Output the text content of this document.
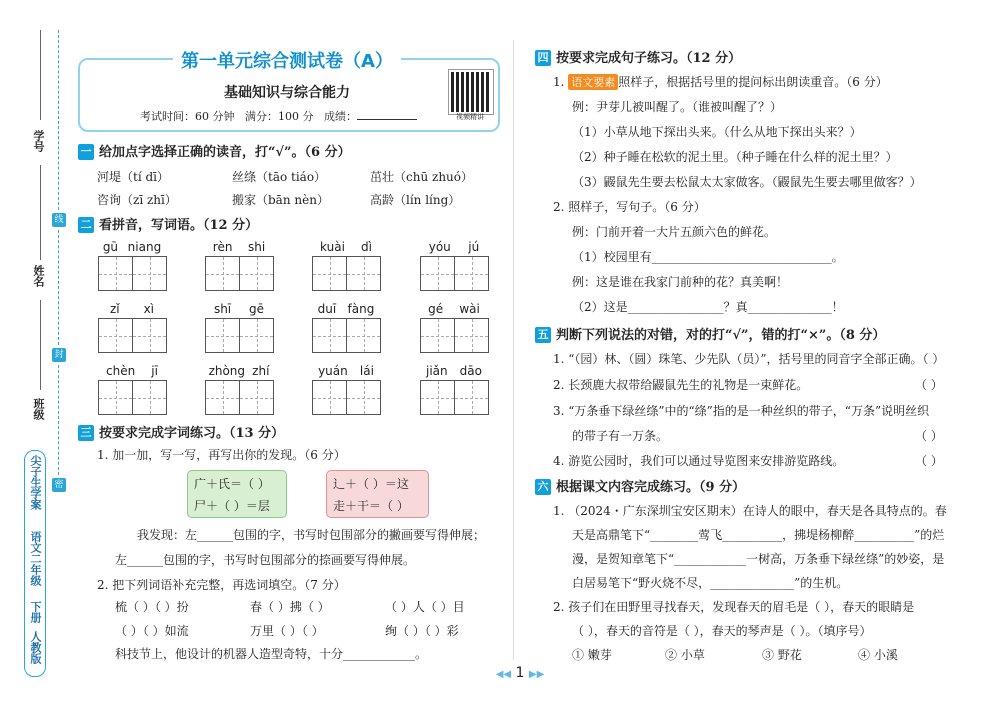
学号
姓名
班级
线
封
密
尖子生学案
语文二年级
下册
人教版
第一单元综合测试卷（A）
基础知识与综合能力
考试时间：60 分钟 满分：100 分 成绩：	视频精讲
一 给加点字选择正确的读音，打“√”。（6 分）
河堤（tí dī）	丝绦（tāo tiáo）	茁壮（chū zhuó）
咨询（zī zhī）	搬家（bān nèn）	高龄（lín líng）
二 看拼音，写词语。（12 分）
gū niang	rèn shi	kuài dì	yóu jú
zǐ xì	shī gē	duī fàng	gé wài
chèn jī	zhòng zhí	yuán lái	jiǎn dāo
三 按要求完成字词练习。（13 分）
1. 加一加，写一写，再写出你的发现。（6 分）
广＋氏＝（ ）
尸＋（ ）＝层
辶＋（ ）＝这
走＋干＝（ ）
我发现：左______包围的字，书写时包围部分的撇画要写得伸展；
左______包围的字，书写时包围部分的捺画要写得伸展。
2. 把下列词语补充完整，再选词填空。（7 分）
梳（ ）（ ）扮	春（ ）拂（ ）	（ ）人（ ）目
（ ）（ ）如流	万里（ ）（ ）	绚（ ）（ ）彩
科技节上，他设计的机器人造型奇特，十分____________。
四 按要求完成句子练习。（12 分）
1. 语文要素 照样子，根据括号里的提问标出朗读重音。（6 分）
例：尹芽儿被叫醒了。（谁被叫醒了？）
（1）小草从地下探出头来。（什么从地下探出头来？）
（2）种子睡在松软的泥土里。（种子睡在什么样的泥土里？）
（3）鼹鼠先生要去松鼠太太家做客。（鼹鼠先生要去哪里做客？）
2. 照样子，写句子。（6 分）
例：门前开着一大片五颜六色的鲜花。
（1）校园里有______________________________。
例：这是谁在我家门前种的花？真美啊！
（2）这是________________？真______________！
五 判断下列说法的对错，对的打“√”，错的打“×”。（8 分）
1. “（园）林、（圆）珠笔、少先队（员）”，括号里的同音字全部正确。（ ）
2. 长颈鹿大叔带给鼹鼠先生的礼物是一束鲜花。	（ ）
3. “万条垂下绿丝绦”中的“绦”指的是一种丝织的带子，“万条”说明丝织
的带子有一万条。	（ ）
4. 游览公园时，我们可以通过导览图来安排游览路线。	（ ）
六 根据课文内容完成练习。（9 分）
1. （2024・广东深圳宝安区期末）在诗人的眼中，春天是各具特点的。春
天是高鼎笔下“________莺飞__________，拂堤杨柳醉__________”的烂
漫，是贺知章笔下“____________一树高，万条垂下绿丝绦”的妙姿，是
白居易笔下“野火烧不尽，______________”的生机。
2. 孩子们在田野里寻找春天，发现春天的眉毛是（ ），春天的眼睛是
（ ），春天的音符是（ ），春天的琴声是（ ）。（填序号）
① 嫩芽	② 小草	③ 野花	④ 小溪
◀◀ 1 ▶▶
